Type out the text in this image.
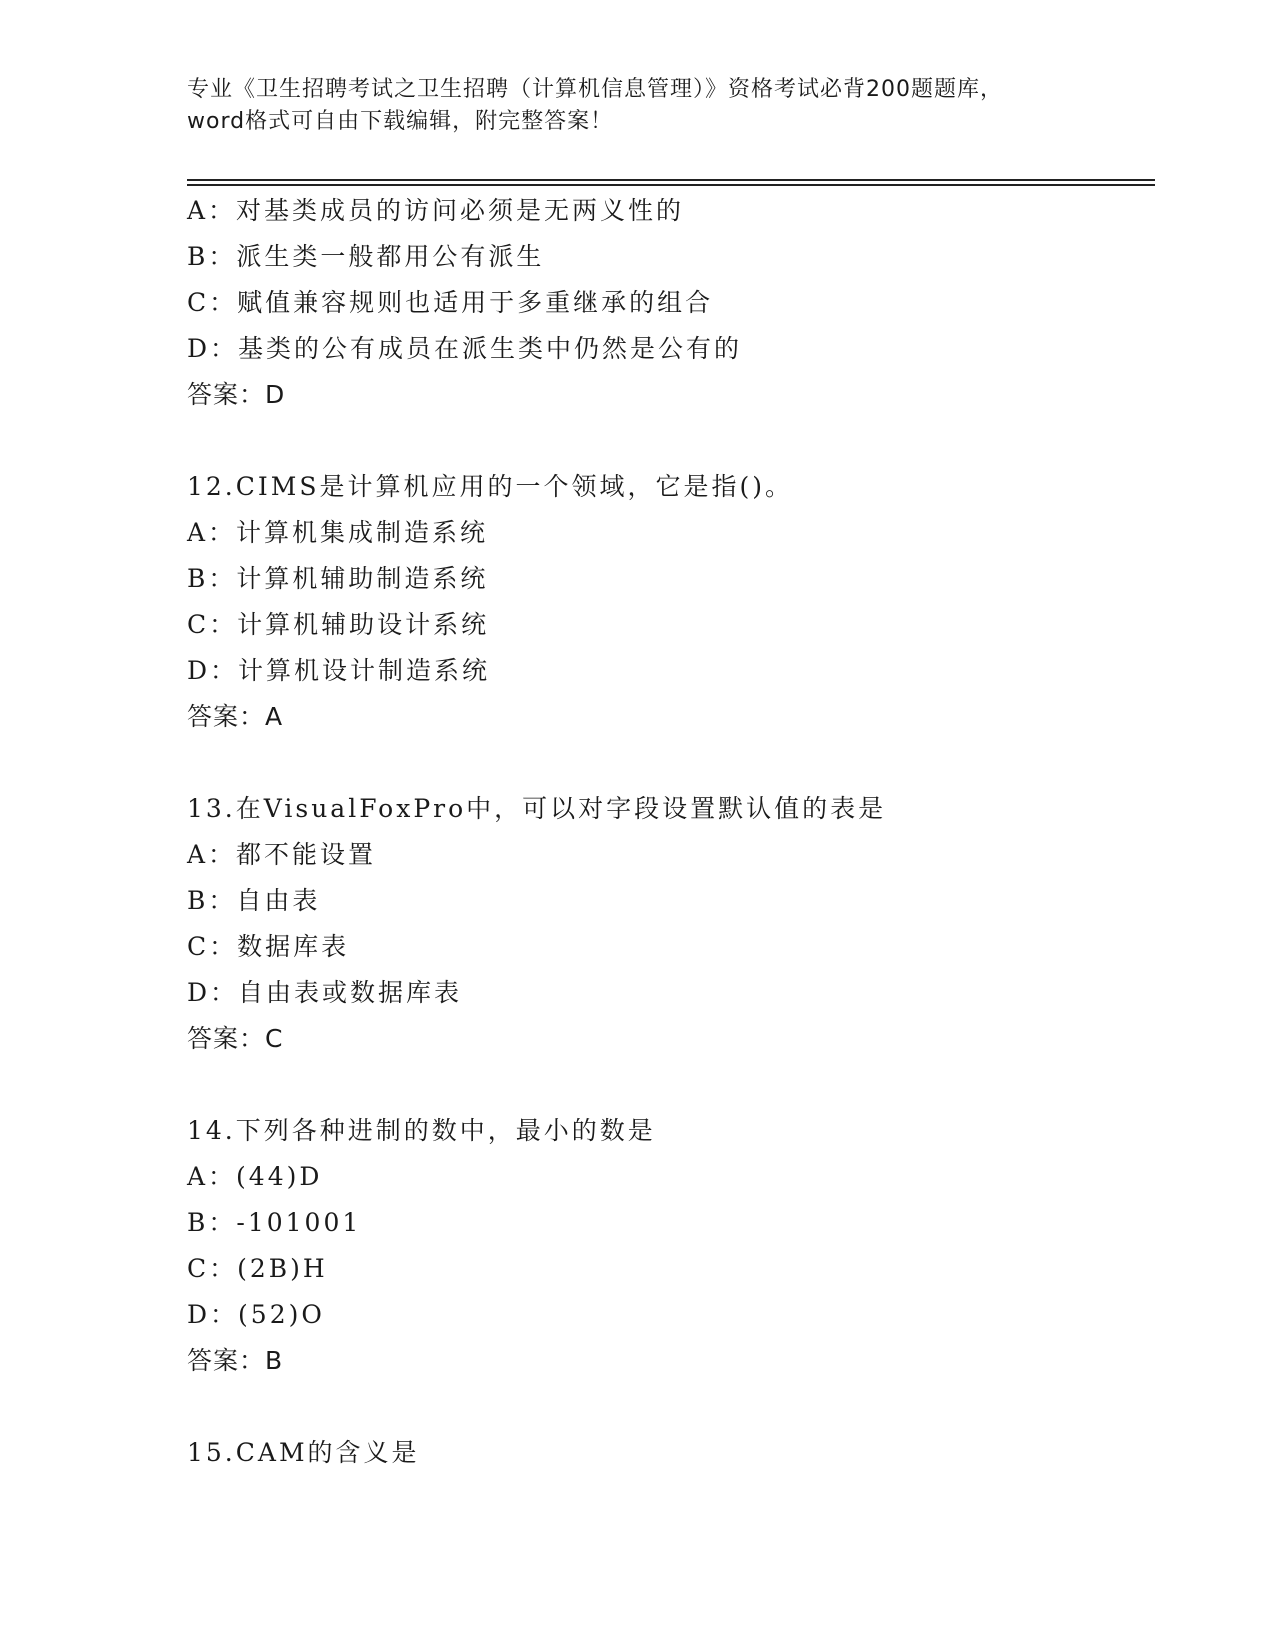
专业《卫生招聘考试之卫生招聘（计算机信息管理）》资格考试必背200题题库，
word格式可自由下载编辑，附完整答案！
A：对基类成员的访问必须是无两义性的
B：派生类一般都用公有派生
C：赋值兼容规则也适用于多重继承的组合
D：基类的公有成员在派生类中仍然是公有的
答案：D
12.CIMS是计算机应用的一个领域，它是指()。
A：计算机集成制造系统
B：计算机辅助制造系统
C：计算机辅助设计系统
D：计算机设计制造系统
答案：A
13.在VisualFoxPro中，可以对字段设置默认值的表是
A：都不能设置
B：自由表
C：数据库表
D：自由表或数据库表
答案：C
14.下列各种进制的数中，最小的数是
A：(44)D
B：-101001
C：(2B)H
D：(52)O
答案：B
15.CAM的含义是
